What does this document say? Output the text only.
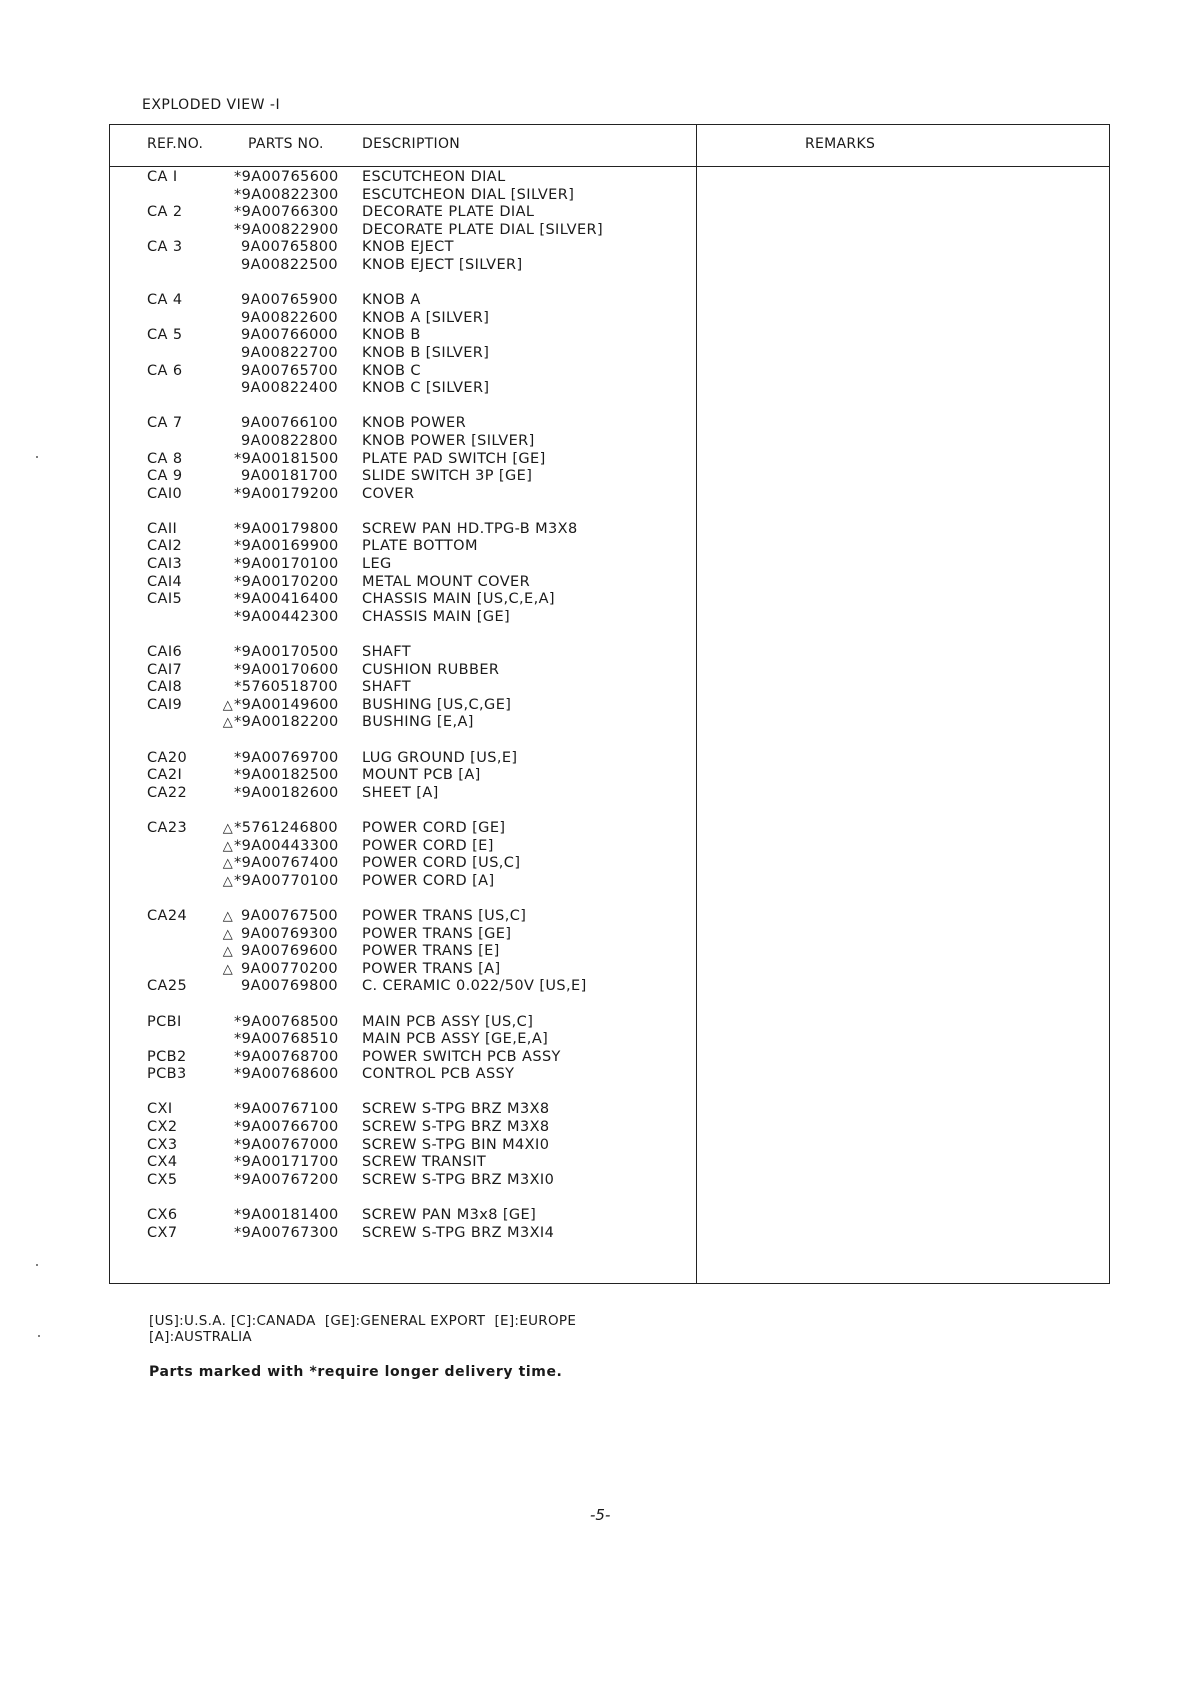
EXPLODED VIEW -I
REF.NO.	PARTS NO.	DESCRIPTION	REMARKS
CA I	*9A00765600 ESCUTCHEON DIAL
*9A00822300 ESCUTCHEON DIAL [SILVER]
CA 2	*9A00766300 DECORATE PLATE DIAL
*9A00822900 DECORATE PLATE DIAL [SILVER]
CA 3	9A00765800 KNOB EJECT
9A00822500 KNOB EJECT [SILVER]
CA 4	9A00765900 KNOB A
9A00822600 KNOB A [SILVER]
CA 5	9A00766000 KNOB B
9A00822700 KNOB B [SILVER]
CA 6	9A00765700 KNOB C
9A00822400 KNOB C [SILVER]
CA 7	9A00766100 KNOB POWER
9A00822800 KNOB POWER [SILVER]
CA 8	*9A00181500 PLATE PAD SWITCH [GE]
CA 9	9A00181700 SLIDE SWITCH 3P [GE]
CAI0	*9A00179200 COVER
CAII	*9A00179800 SCREW PAN HD.TPG-B M3X8
CAI2	*9A00169900 PLATE BOTTOM
CAI3	*9A00170100 LEG
CAI4	*9A00170200 METAL MOUNT COVER
CAI5	*9A00416400 CHASSIS MAIN [US,C,E,A]
*9A00442300 CHASSIS MAIN [GE]
CAI6	*9A00170500 SHAFT
CAI7	*9A00170600 CUSHION RUBBER
CAI8	*5760518700 SHAFT
CAI9	△ *9A00149600 BUSHING [US,C,GE]
△ *9A00182200 BUSHING [E,A]
CA20	*9A00769700 LUG GROUND [US,E]
CA2I	*9A00182500 MOUNT PCB [A]
CA22	*9A00182600 SHEET [A]
CA23	△ *5761246800 POWER CORD [GE]
△ *9A00443300 POWER CORD [E]
△ *9A00767400 POWER CORD [US,C]
△ *9A00770100 POWER CORD [A]
CA24	△ 9A00767500 POWER TRANS [US,C]
△ 9A00769300 POWER TRANS [GE]
△ 9A00769600 POWER TRANS [E]
△ 9A00770200 POWER TRANS [A]
CA25	9A00769800 C. CERAMIC 0.022/50V [US,E]
PCBI	*9A00768500 MAIN PCB ASSY [US,C]
*9A00768510 MAIN PCB ASSY [GE,E,A]
PCB2	*9A00768700 POWER SWITCH PCB ASSY
PCB3	*9A00768600 CONTROL PCB ASSY
CXI	*9A00767100 SCREW S-TPG BRZ M3X8
CX2	*9A00766700 SCREW S-TPG BRZ M3X8
CX3	*9A00767000 SCREW S-TPG BIN M4XI0
CX4	*9A00171700 SCREW TRANSIT
CX5	*9A00767200 SCREW S-TPG BRZ M3XI0
CX6	*9A00181400 SCREW PAN M3x8 [GE]
CX7	*9A00767300 SCREW S-TPG BRZ M3XI4
[US]:U.S.A. [C]:CANADA  [GE]:GENERAL EXPORT  [E]:EUROPE
[A]:AUSTRALIA
Parts marked with *require longer delivery time.
-5-
